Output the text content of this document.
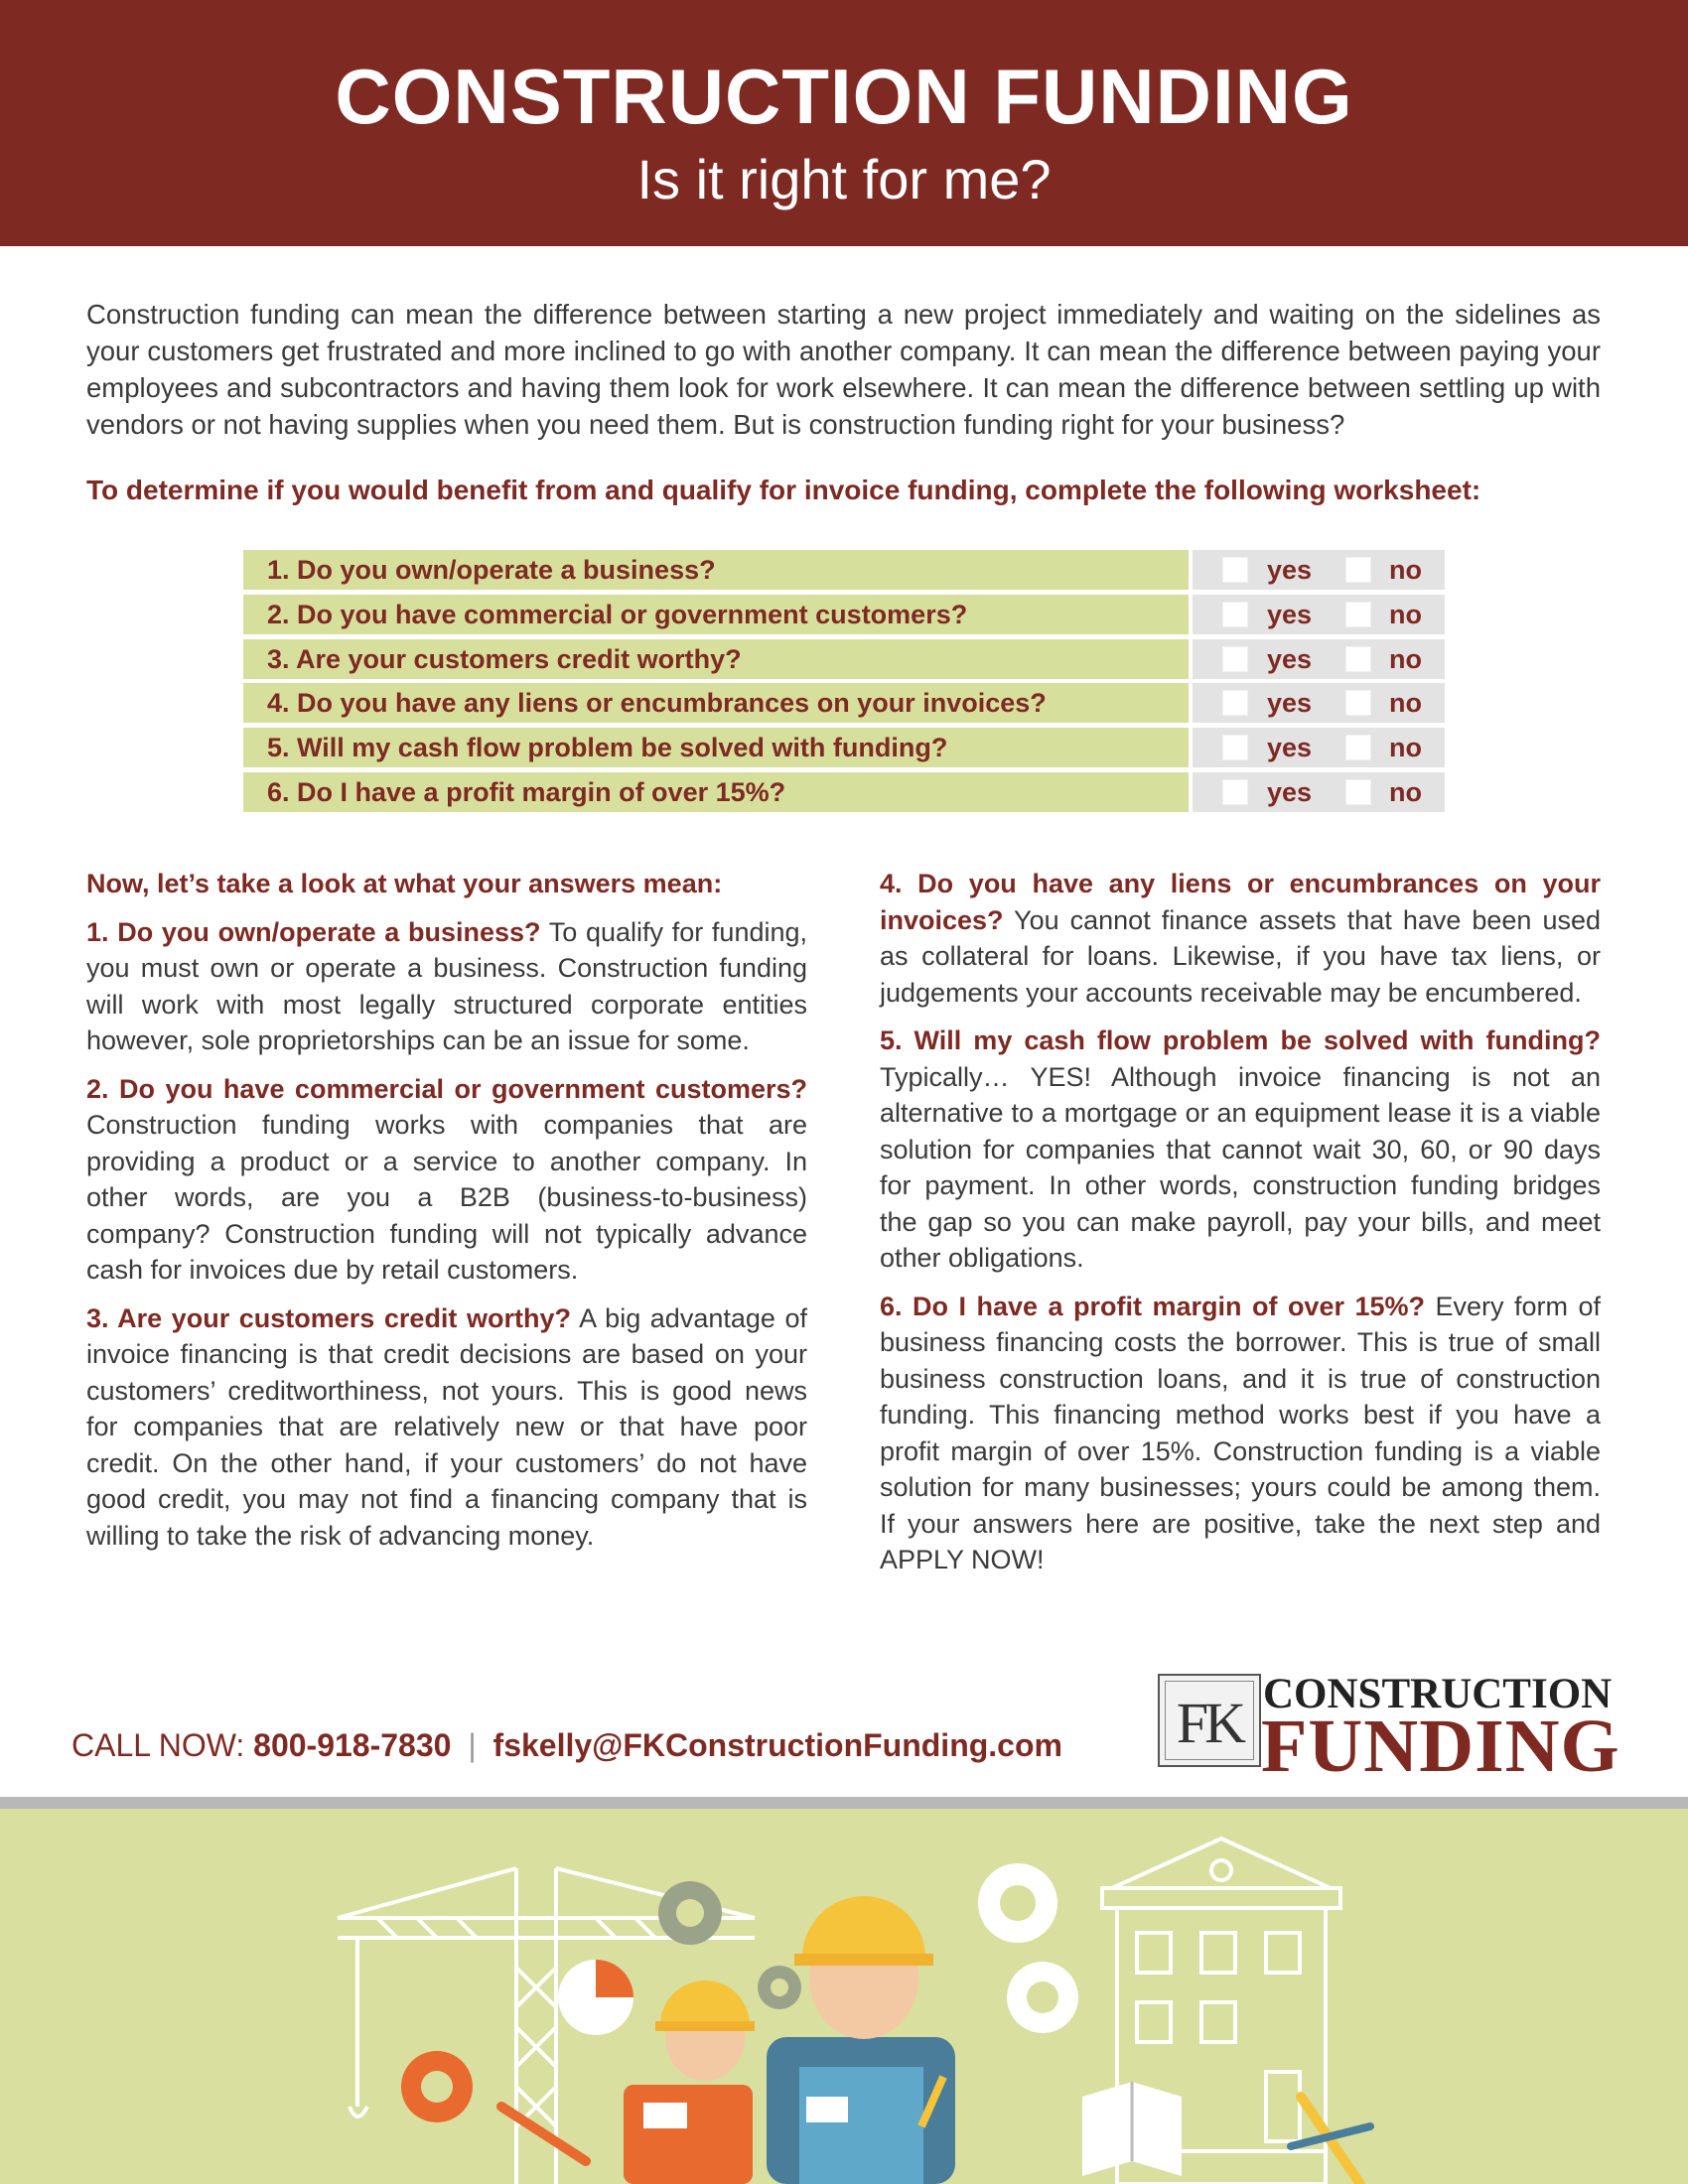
CONSTRUCTION FUNDING
Is it right for me?
Construction funding can mean the difference between starting a new project immediately and waiting on the sidelines as your customers get frustrated and more inclined to go with another company. It can mean the difference between paying your employees and subcontractors and having them look for work elsewhere. It can mean the difference between settling up with vendors or not having supplies when you need them. But is construction funding right for your business?
To determine if you would benefit from and qualify for invoice funding, complete the following worksheet:
1. Do you own/operate a business?	yes	no
2. Do you have commercial or government customers?	yes	no
3. Are your customers credit worthy?	yes	no
4. Do you have any liens or encumbrances on your invoices?	yes	no
5. Will my cash flow problem be solved with funding?	yes	no
6. Do I have a profit margin of over 15%?	yes	no
Now, let’s take a look at what your answers mean:

1. Do you own/operate a business? To qualify for funding, you must own or operate a business. Construction funding will work with most legally structured corporate entities however, sole proprietorships can be an issue for some.

2. Do you have commercial or government customers? Construction funding works with companies that are providing a product or a service to another company. In other words, are you a B2B (business-to-business) company? Construction funding will not typically advance cash for invoices due by retail customers.

3. Are your customers credit worthy? A big advantage of invoice financing is that credit decisions are based on your customers’ creditworthiness, not yours. This is good news for companies that are relatively new or that have poor credit. On the other hand, if your customers’ do not have good credit, you may not find a financing company that is willing to take the risk of advancing money.

4. Do you have any liens or encumbrances on your invoices? You cannot finance assets that have been used as collateral for loans. Likewise, if you have tax liens, or judgements your accounts receivable may be encumbered.

5. Will my cash flow problem be solved with funding? Typically… YES! Although invoice financing is not an alternative to a mortgage or an equipment lease it is a viable solution for companies that cannot wait 30, 60, or 90 days for payment. In other words, construction funding bridges the gap so you can make payroll, pay your bills, and meet other obligations.

6. Do I have a profit margin of over 15%? Every form of business financing costs the borrower. This is true of small business construction loans, and it is true of construction funding. This financing method works best if you have a profit margin of over 15%. Construction funding is a viable solution for many businesses; yours could be among them. If your answers here are positive, take the next step and APPLY NOW!

CALL NOW: 800-918-7830 | fskelly@FKConstructionFunding.com FK CONSTRUCTION
FUNDING
